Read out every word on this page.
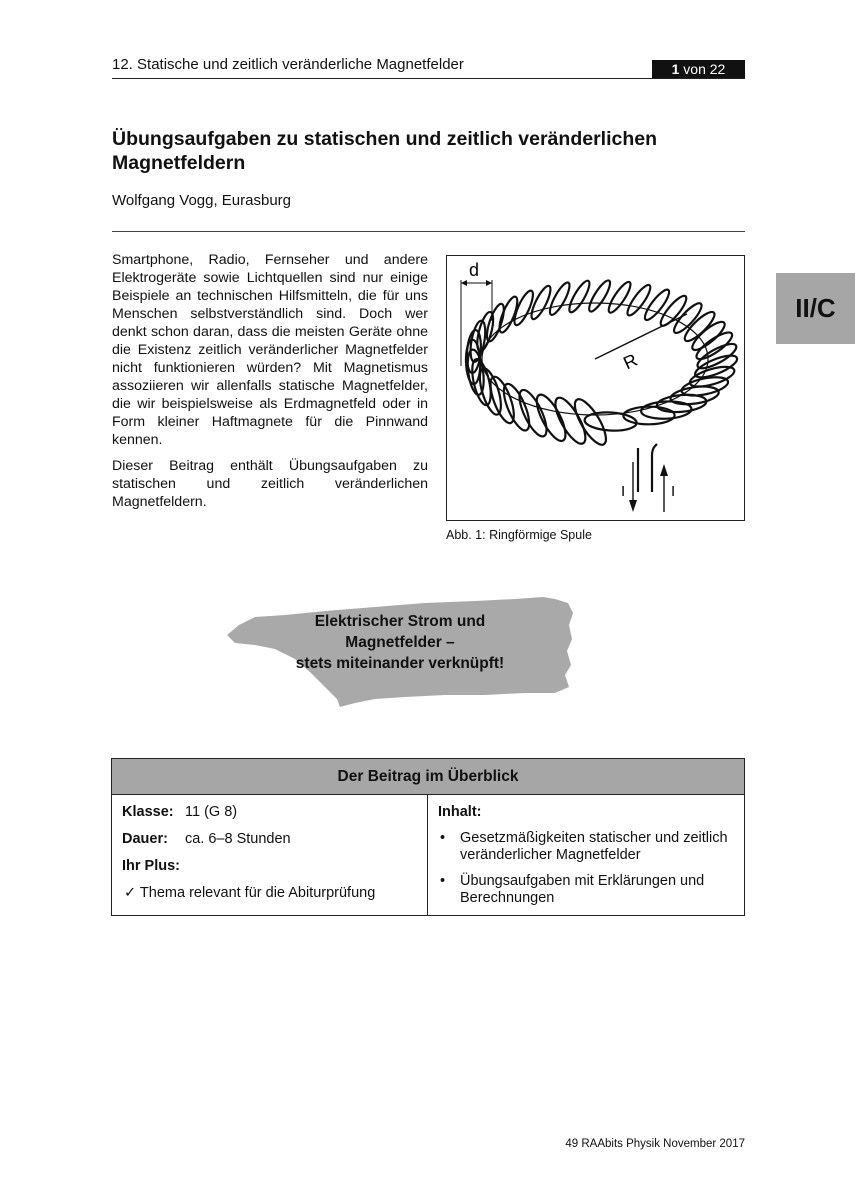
12. Statische und zeitlich veränderliche Magnetfelder	1 von 22
II/C
Übungsaufgaben zu statischen und zeitlich veränderlichen Magnetfeldern
Wolfgang Vogg, Eurasburg

Smartphone, Radio, Fernseher und andere Elektrogeräte sowie Lichtquellen sind nur einige Beispiele an technischen Hilfsmitteln, die für uns Menschen selbstverständlich sind. Doch wer denkt schon daran, dass die meisten Geräte ohne die Existenz zeitlich veränderlicher Magnetfelder nicht funktionieren würden? Mit Magnetismus assoziieren wir allenfalls statische Magnetfelder, die wir beispielsweise als Erdmagnetfeld oder in Form kleiner Haftmagnete für die Pinnwand kennen.

Dieser Beitrag enthält Übungsaufgaben zu statischen und zeitlich veränderlichen Magnetfeldern.

d
R
I	I
Abb. 1: Ringförmige Spule
Elektrischer Strom und
Magnetfelder –
stets miteinander verknüpft!
Der Beitrag im Überblick
Klasse: 11 (G 8)
Dauer: ca. 6–8 Stunden
Ihr Plus:
✓ Thema relevant für die Abiturprüfung
Inhalt:
• Gesetzmäßigkeiten statischer und zeitlich veränderlicher Magnetfelder
• Übungsaufgaben mit Erklärungen und Berechnungen
49 RAAbits Physik November 2017
